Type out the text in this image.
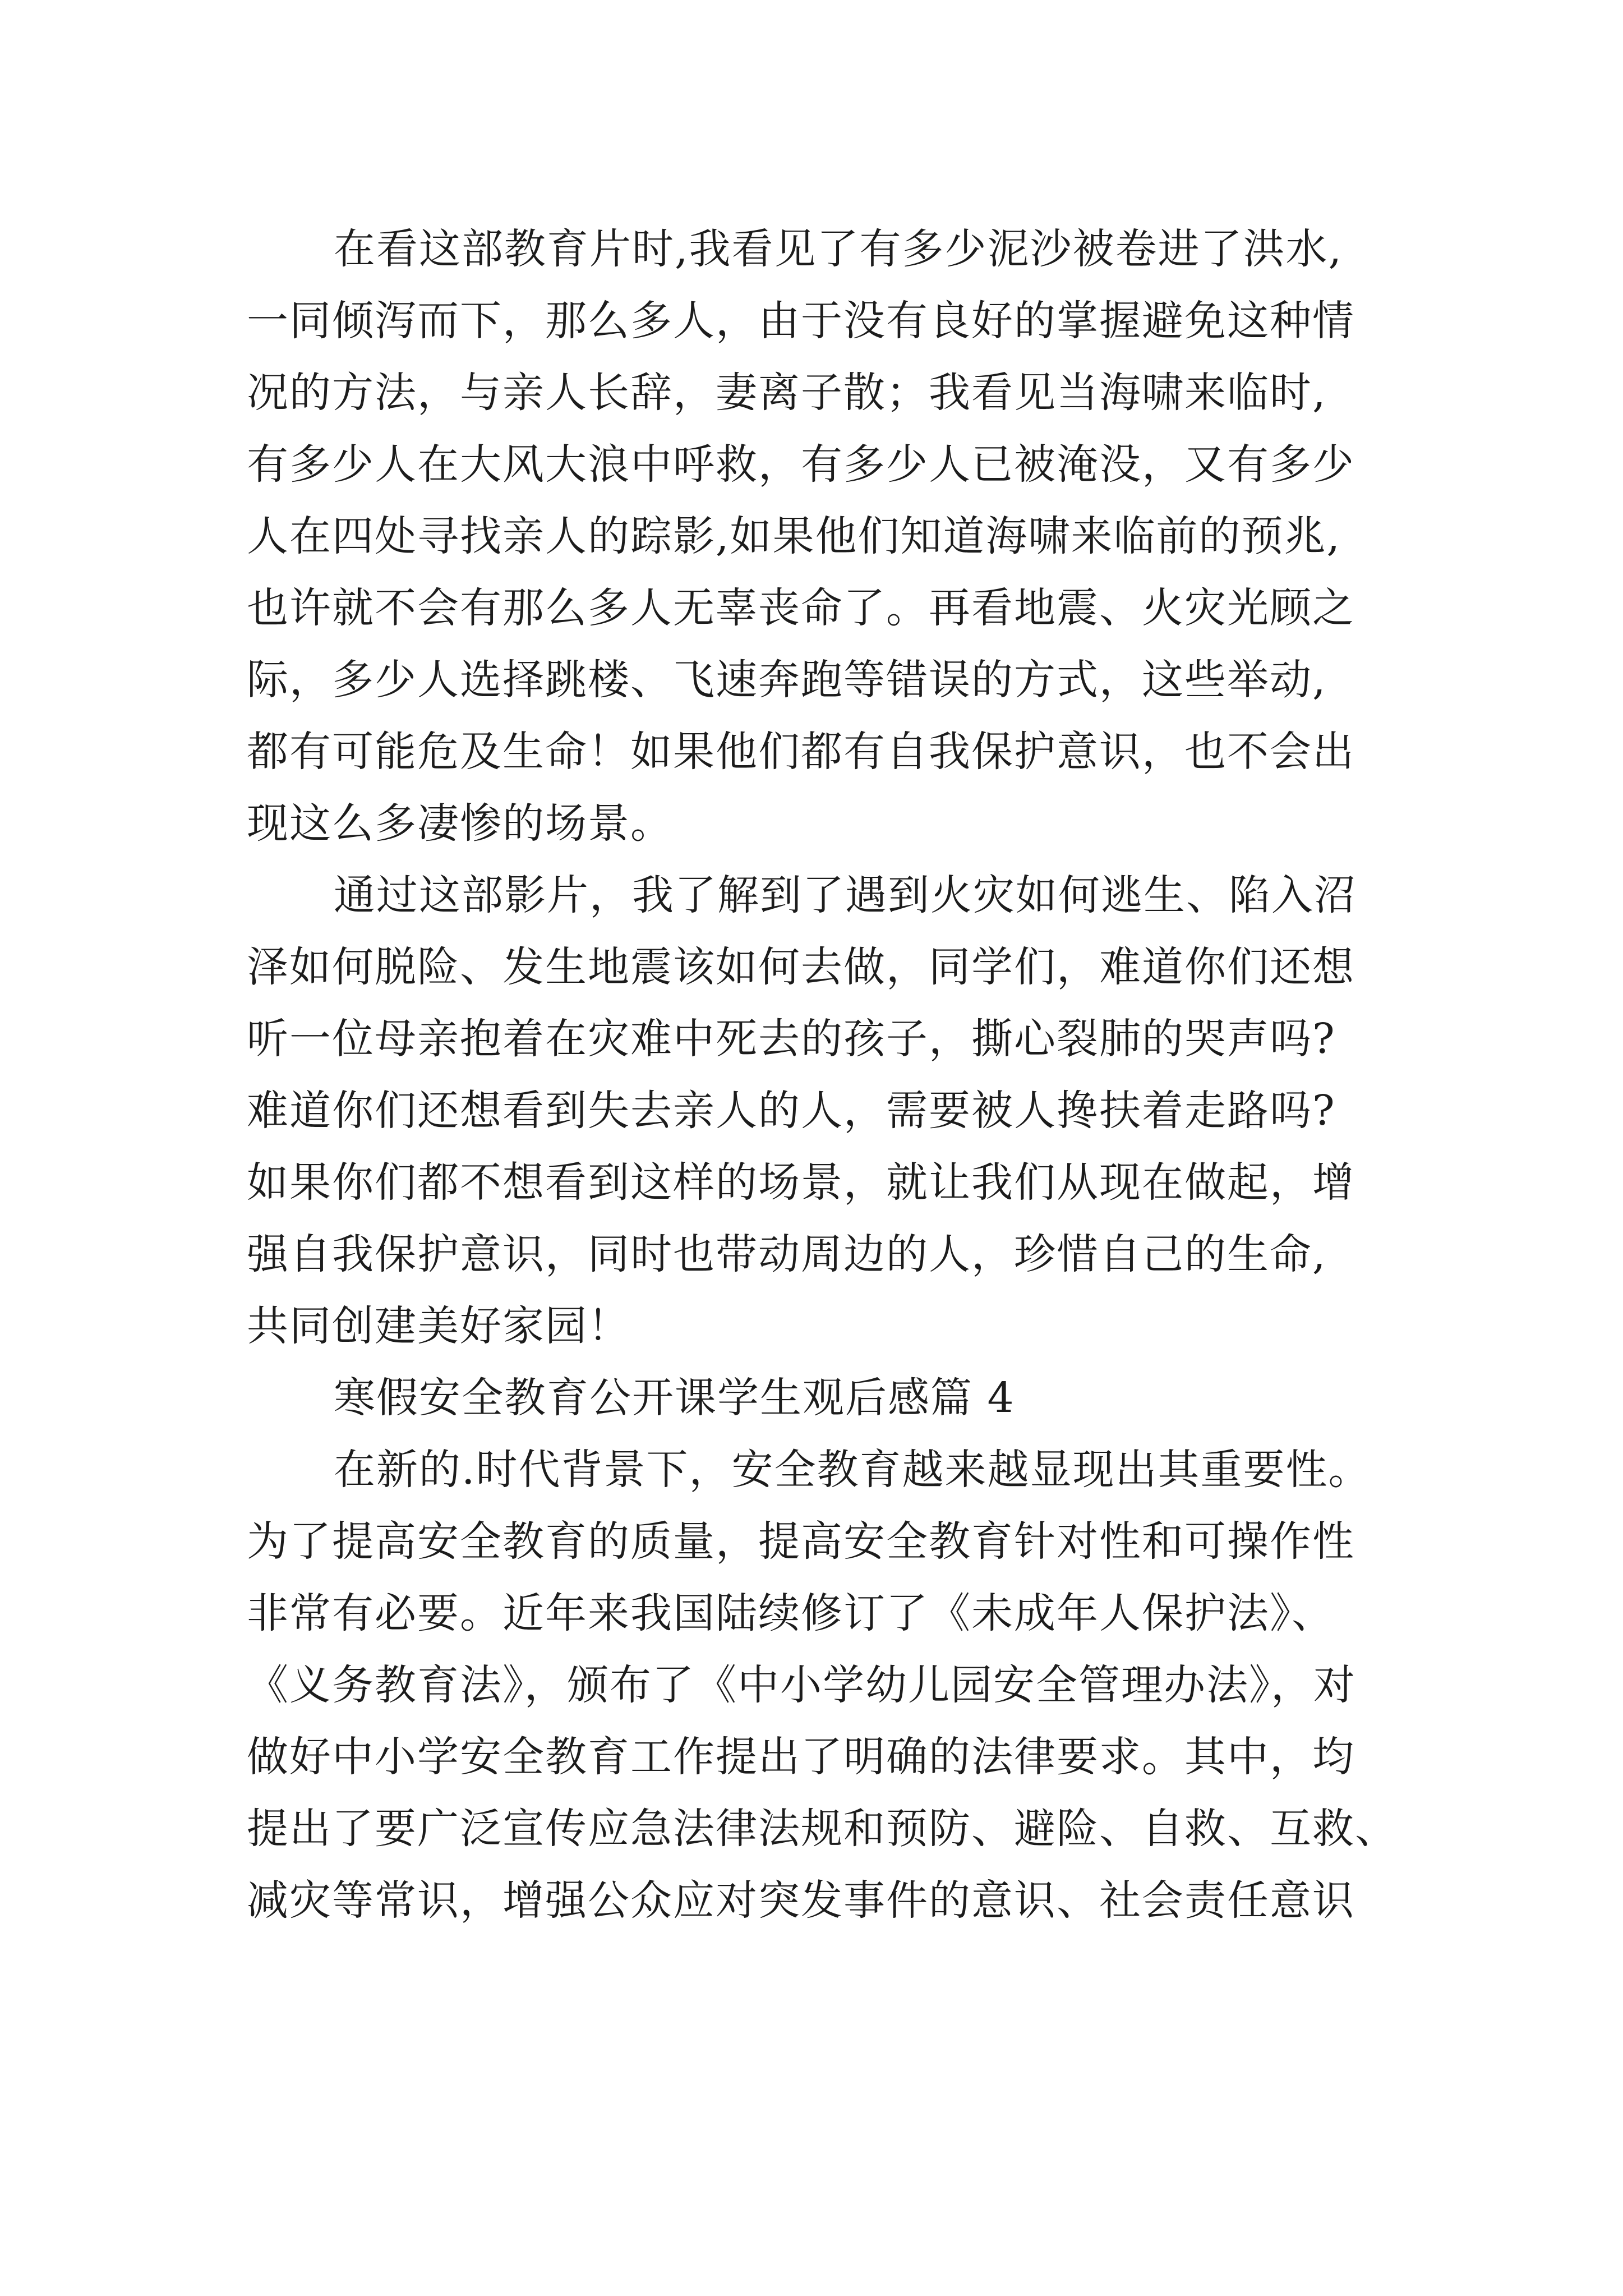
在看这部教育片时,我看见了有多少泥沙被卷进了洪水,
一同倾泻而下，那么多人，由于没有良好的掌握避免这种情
况的方法，与亲人长辞，妻离子散；我看见当海啸来临时,
有多少人在大风大浪中呼救，有多少人已被淹没，又有多少
人在四处寻找亲人的踪影,如果他们知道海啸来临前的预兆,
也许就不会有那么多人无辜丧命了。再看地震、火灾光顾之
际，多少人选择跳楼、飞速奔跑等错误的方式，这些举动,
都有可能危及生命！如果他们都有自我保护意识，也不会出
现这么多凄惨的场景。
通过这部影片，我了解到了遇到火灾如何逃生、陷入沼
泽如何脱险、发生地震该如何去做，同学们，难道你们还想
听一位母亲抱着在灾难中死去的孩子，撕心裂肺的哭声吗?
难道你们还想看到失去亲人的人，需要被人搀扶着走路吗?
如果你们都不想看到这样的场景，就让我们从现在做起，增
强自我保护意识，同时也带动周边的人，珍惜自己的生命,
共同创建美好家园！
寒假安全教育公开课学生观后感篇 4
在新的.时代背景下，安全教育越来越显现出其重要性。
为了提高安全教育的质量，提高安全教育针对性和可操作性
非常有必要。近年来我国陆续修订了《未成年人保护法》、
《义务教育法》，颁布了《中小学幼儿园安全管理办法》，对
做好中小学安全教育工作提出了明确的法律要求。其中，均
提出了要广泛宣传应急法律法规和预防、避险、自救、互救、
减灾等常识，增强公众应对突发事件的意识、社会责任意识
